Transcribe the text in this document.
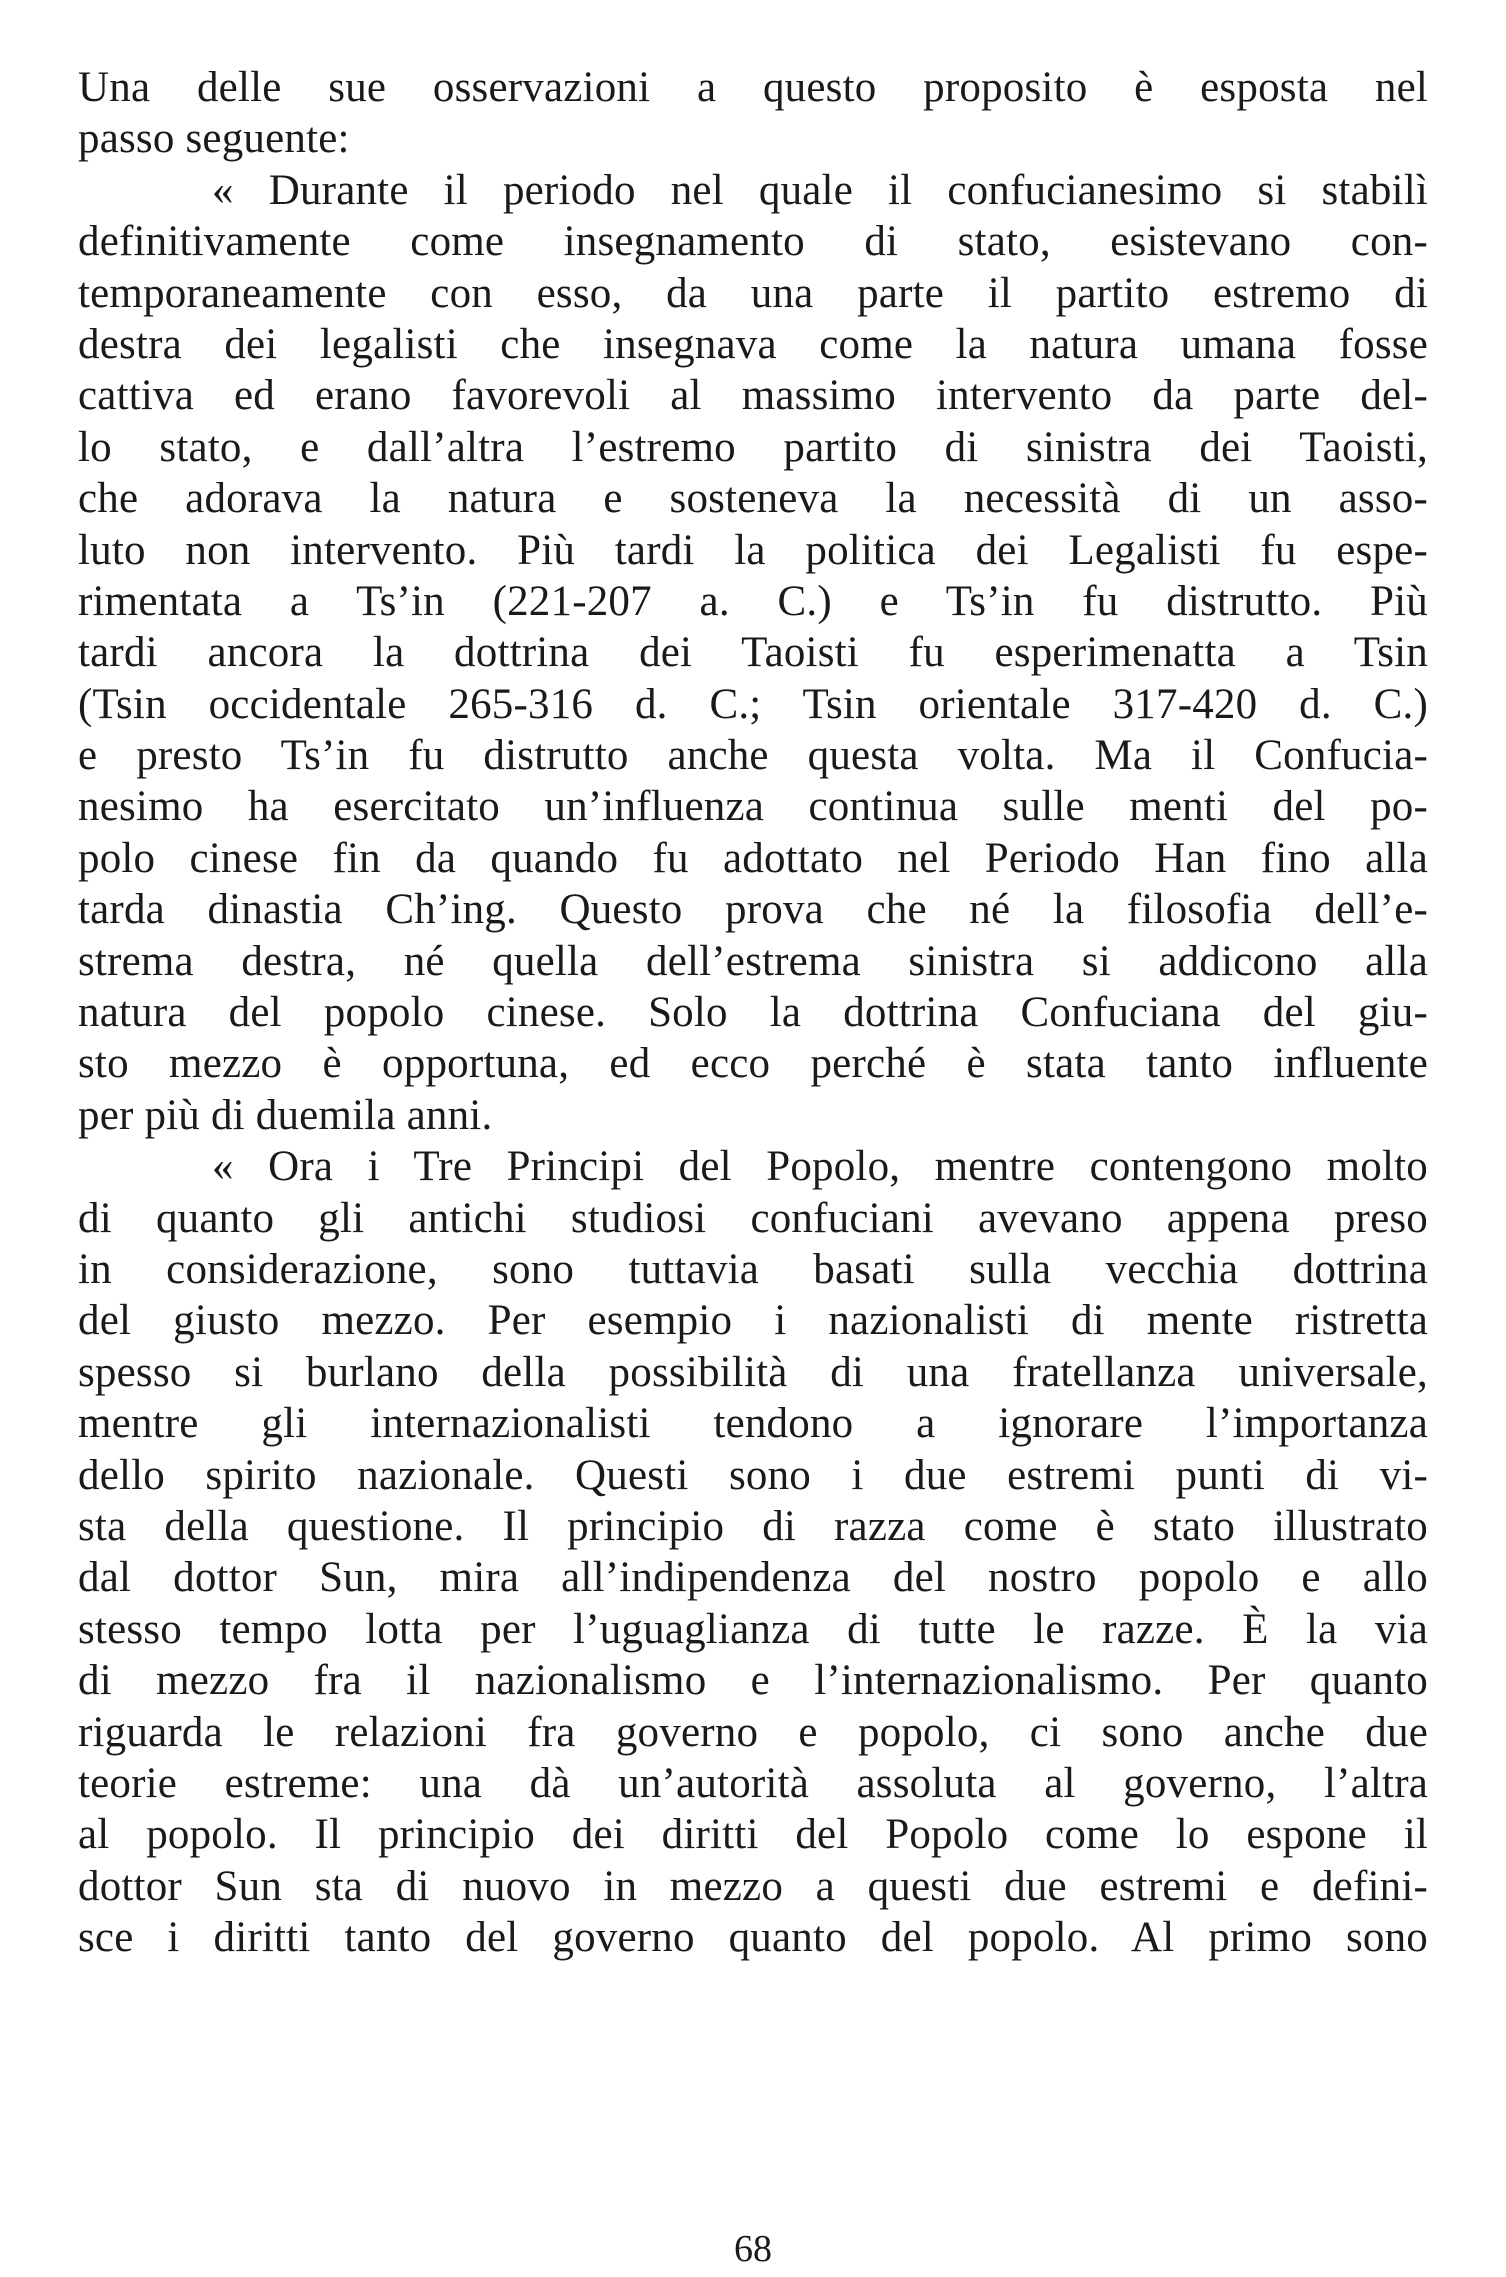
Una delle sue osservazioni a questo proposito è esposta nel
passo seguente:
« Durante il periodo nel quale il confucianesimo si stabilì
definitivamente come insegnamento di stato, esistevano con-
temporaneamente con esso, da una parte il partito estremo di
destra dei legalisti che insegnava come la natura umana fosse
cattiva ed erano favorevoli al massimo intervento da parte del-
lo stato, e dall’altra l’estremo partito di sinistra dei Taoisti,
che adorava la natura e sosteneva la necessità di un asso-
luto non intervento. Più tardi la politica dei Legalisti fu espe-
rimentata a Ts’in (221-207 a. C.) e Ts’in fu distrutto. Più
tardi ancora la dottrina dei Taoisti fu esperimenatta a Tsin
(Tsin occidentale 265-316 d. C.; Tsin orientale 317-420 d. C.)
e presto Ts’in fu distrutto anche questa volta. Ma il Confucia-
nesimo ha esercitato un’influenza continua sulle menti del po-
polo cinese fin da quando fu adottato nel Periodo Han fino alla
tarda dinastia Ch’ing. Questo prova che né la filosofia dell’e-
strema destra, né quella dell’estrema sinistra si addicono alla
natura del popolo cinese. Solo la dottrina Confuciana del giu-
sto mezzo è opportuna, ed ecco perché è stata tanto influente
per più di duemila anni.
« Ora i Tre Principi del Popolo, mentre contengono molto
di quanto gli antichi studiosi confuciani avevano appena preso
in considerazione, sono tuttavia basati sulla vecchia dottrina
del giusto mezzo. Per esempio i nazionalisti di mente ristretta
spesso si burlano della possibilità di una fratellanza universale,
mentre gli internazionalisti tendono a ignorare l’importanza
dello spirito nazionale. Questi sono i due estremi punti di vi-
sta della questione. Il principio di razza come è stato illustrato
dal dottor Sun, mira all’indipendenza del nostro popolo e allo
stesso tempo lotta per l’uguaglianza di tutte le razze. È la via
di mezzo fra il nazionalismo e l’internazionalismo. Per quanto
riguarda le relazioni fra governo e popolo, ci sono anche due
teorie estreme: una dà un’autorità assoluta al governo, l’altra
al popolo. Il principio dei diritti del Popolo come lo espone il
dottor Sun sta di nuovo in mezzo a questi due estremi e defini-
sce i diritti tanto del governo quanto del popolo. Al primo sono
68
